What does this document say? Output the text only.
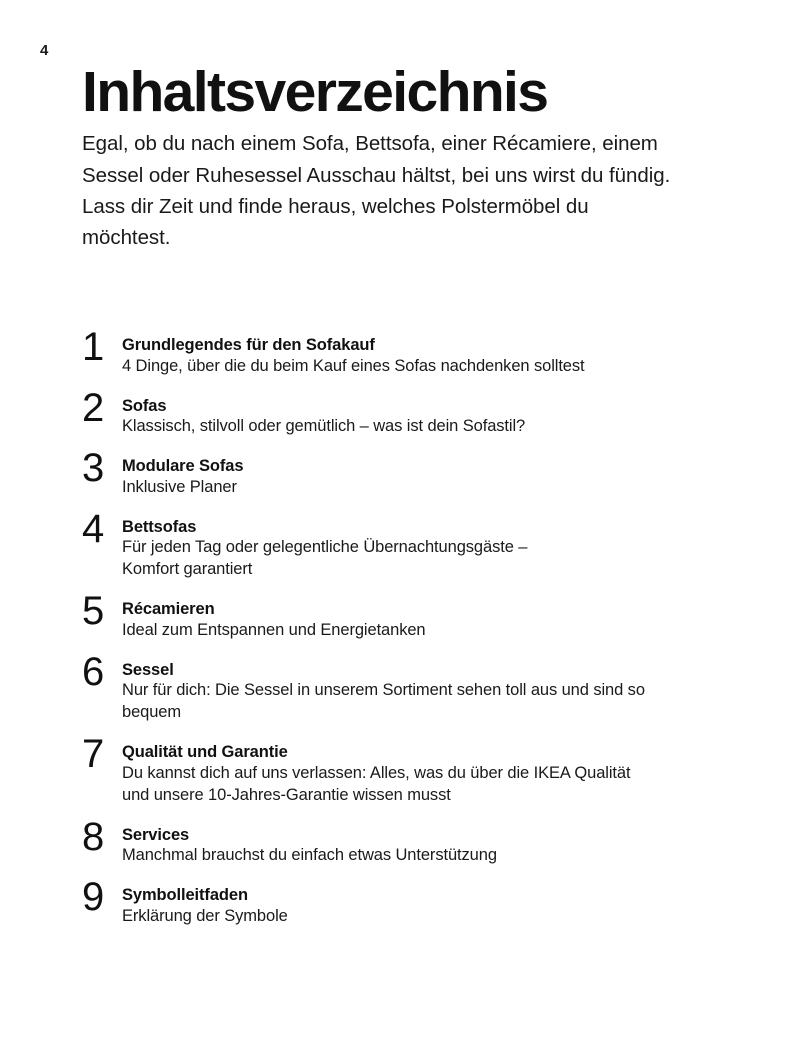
4
Inhaltsverzeichnis

Egal, ob du nach einem Sofa, Bettsofa, einer Récamiere, einem Sessel oder Ruhesessel Ausschau hältst, bei uns wirst du fündig. Lass dir Zeit und finde heraus, welches Polstermöbel du möchtest.

1	Grundlegendes für den Sofakauf
4 Dinge, über die du beim Kauf eines Sofas nachdenken solltest
2	Sofas
Klassisch, stilvoll oder gemütlich – was ist dein Sofastil?
3	Modulare Sofas
Inklusive Planer
4	Bettsofas
Für jeden Tag oder gelegentliche Übernachtungsgäste –
Komfort garantiert
5	Récamieren
Ideal zum Entspannen und Energietanken
6	Sessel
Nur für dich: Die Sessel in unserem Sortiment sehen toll aus und sind so
bequem
7	Qualität und Garantie
Du kannst dich auf uns verlassen: Alles, was du über die IKEA Qualität
und unsere 10-Jahres-Garantie wissen musst
8	Services
Manchmal brauchst du einfach etwas Unterstützung
9	Symbolleitfaden
Erklärung der Symbole
